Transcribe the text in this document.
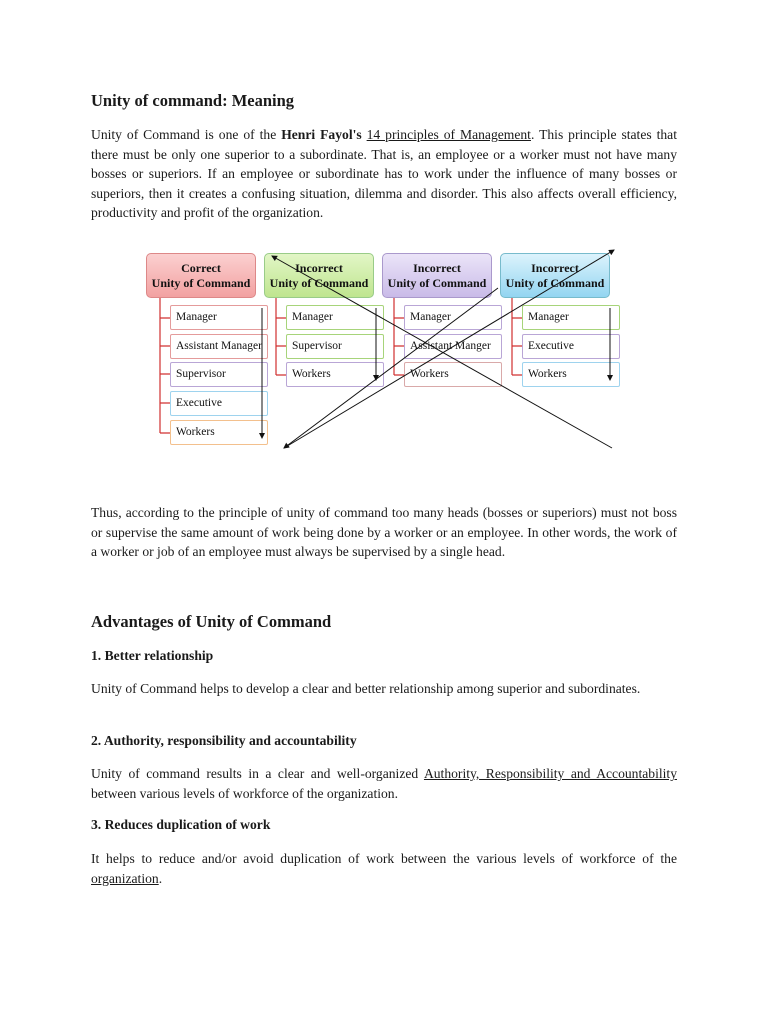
Unity of command: Meaning

Unity of Command is one of the Henri Fayol's 14 principles of Management. This principle states that there must be only one superior to a subordinate. That is, an employee or a worker must not have many bosses or superiors. If an employee or subordinate has to work under the influence of many bosses or superiors, then it creates a confusing situation, dilemma and disorder. This also affects overall efficiency, productivity and profit of the organization.

Correct
Unity of Command
Manager
Assistant Manager
Supervisor
Executive
Workers
Incorrect
Unity of Command
Manager
Supervisor
Workers
Incorrect
Unity of Command
Manager
Assistant Manger
Workers
Incorrect
Unity of Command
Manager
Executive
Workers

Thus, according to the principle of unity of command too many heads (bosses or superiors) must not boss or supervise the same amount of work being done by a worker or an employee. In other words, the work of a worker or job of an employee must always be supervised by a single head.

Advantages of Unity of Command

1. Better relationship

Unity of Command helps to develop a clear and better relationship among superior and subordinates.

2. Authority, responsibility and accountability

Unity of command results in a clear and well-organized Authority, Responsibility and Accountability between various levels of workforce of the organization.

3. Reduces duplication of work

It helps to reduce and/or avoid duplication of work between the various levels of workforce of the organization.
